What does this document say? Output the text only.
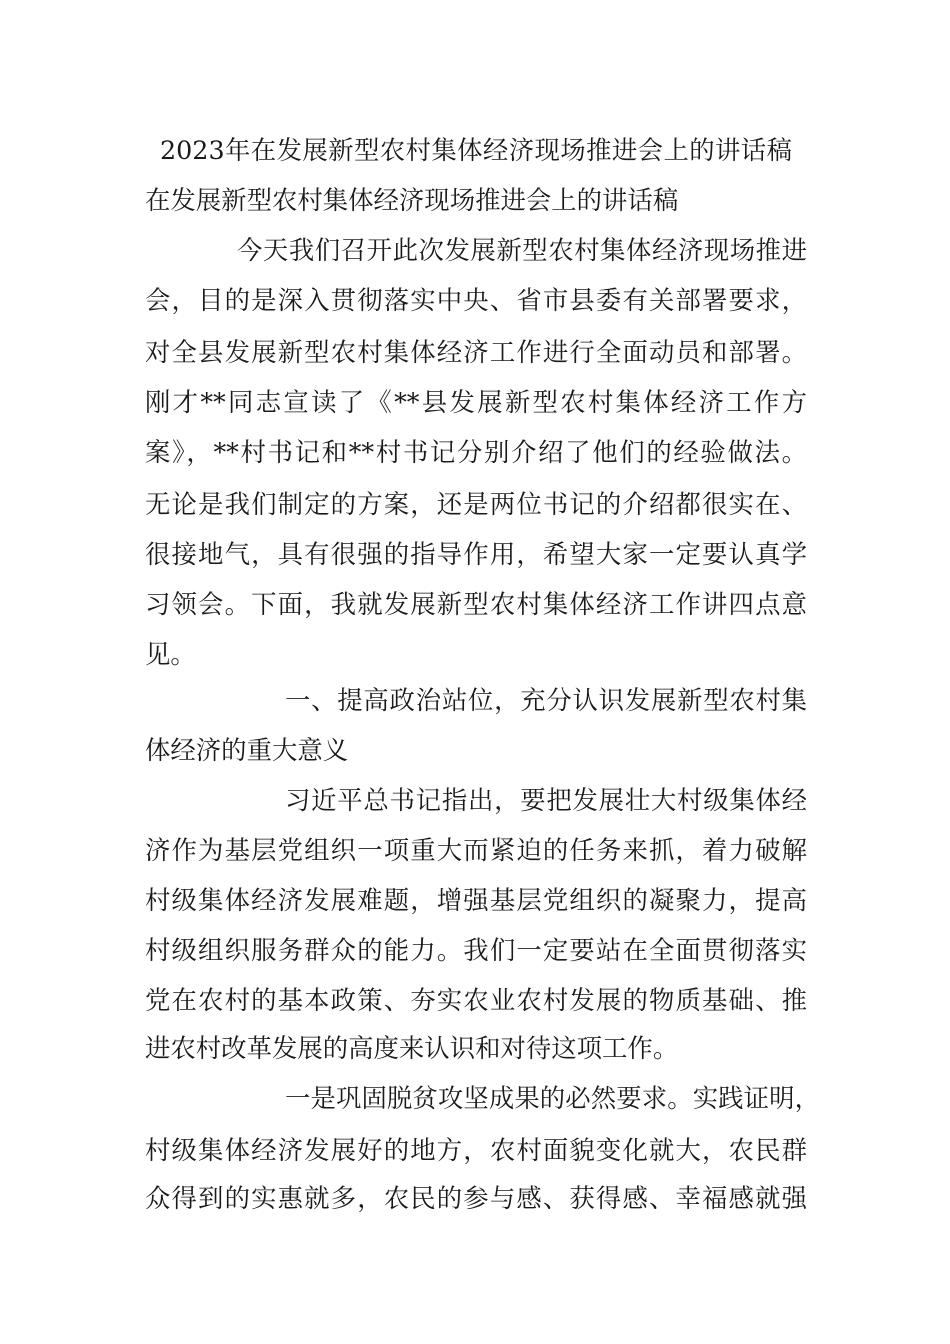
2023年在发展新型农村集体经济现场推进会上的讲话稿
在发展新型农村集体经济现场推进会上的讲话稿
今天我们召开此次发展新型农村集体经济现场推进
会，目的是深入贯彻落实中央、省市县委有关部署要求，
对全县发展新型农村集体经济工作进行全面动员和部署。
刚才**同志宣读了《**县发展新型农村集体经济工作方
案》，**村书记和**村书记分别介绍了他们的经验做法。
无论是我们制定的方案，还是两位书记的介绍都很实在、
很接地气，具有很强的指导作用，希望大家一定要认真学
习领会。下面，我就发展新型农村集体经济工作讲四点意
见。
一、提高政治站位，充分认识发展新型农村集
体经济的重大意义
习近平总书记指出，要把发展壮大村级集体经
济作为基层党组织一项重大而紧迫的任务来抓，着力破解
村级集体经济发展难题，增强基层党组织的凝聚力，提高
村级组织服务群众的能力。我们一定要站在全面贯彻落实
党在农村的基本政策、夯实农业农村发展的物质基础、推
进农村改革发展的高度来认识和对待这项工作。
一是巩固脱贫攻坚成果的必然要求。实践证明，
村级集体经济发展好的地方，农村面貌变化就大，农民群
众得到的实惠就多，农民的参与感、获得感、幸福感就强
